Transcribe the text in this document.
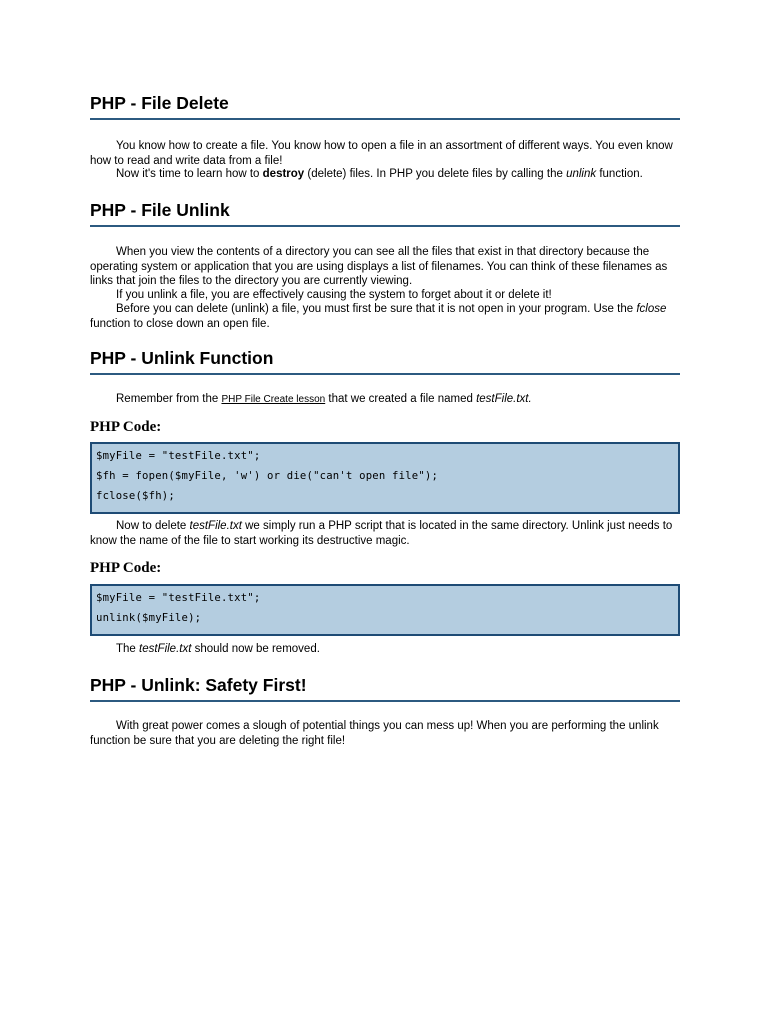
PHP - File Delete
You know how to create a file. You know how to open a file in an assortment of different ways. You even know how to read and write data from a file!
Now it's time to learn how to destroy (delete) files. In PHP you delete files by calling the unlink function.
PHP - File Unlink
When you view the contents of a directory you can see all the files that exist in that directory because the operating system or application that you are using displays a list of filenames. You can think of these filenames as links that join the files to the directory you are currently viewing.
If you unlink a file, you are effectively causing the system to forget about it or delete it!
Before you can delete (unlink) a file, you must first be sure that it is not open in your program. Use the fclose function to close down an open file.
PHP - Unlink Function
Remember from the PHP File Create lesson that we created a file named testFile.txt.
PHP Code:
$myFile = "testFile.txt";
$fh = fopen($myFile, 'w') or die("can't open file");
fclose($fh);
Now to delete testFile.txt we simply run a PHP script that is located in the same directory. Unlink just needs to know the name of the file to start working its destructive magic.
PHP Code:
$myFile = "testFile.txt";
unlink($myFile);
The testFile.txt should now be removed.
PHP - Unlink: Safety First!
With great power comes a slough of potential things you can mess up! When you are performing the unlink function be sure that you are deleting the right file!
